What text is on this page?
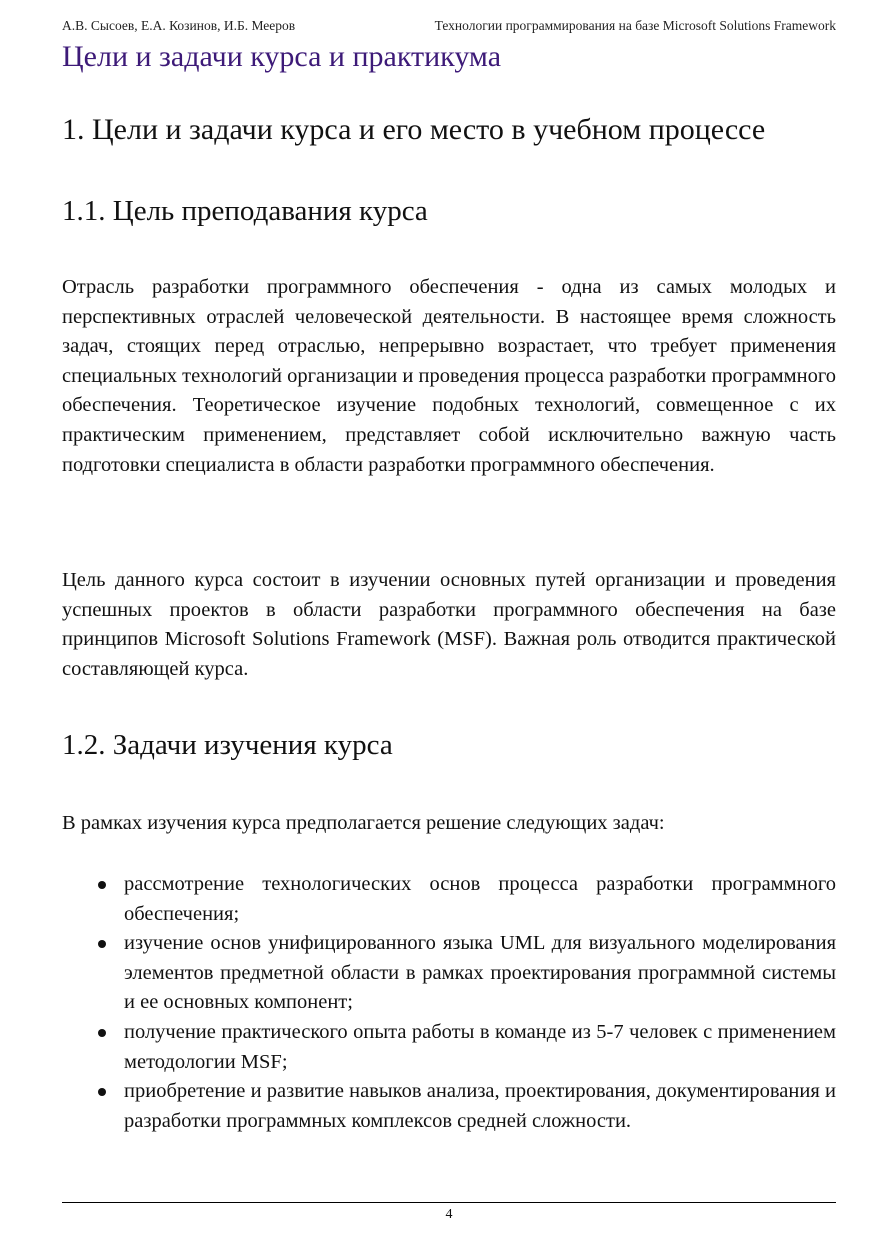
А.В. Сысоев, Е.А. Козинов, И.Б. Мееров	Технологии программирования на базе Microsoft Solutions Framework
Цели и задачи курса и практикума
1. Цели и задачи курса и его место в учебном процессе
1.1. Цель преподавания курса

Отрасль разработки программного обеспечения - одна из самых молодых и перспективных отраслей человеческой деятельности. В настоящее время сложность задач, стоящих перед отраслью, непрерывно возрастает, что требует применения специальных технологий организации и проведения процесса разработки программного обеспечения. Теоретическое изучение подобных технологий, совмещенное с их практическим применением, представляет собой исключительно важную часть подготовки специалиста в области разработки программного обеспечения.

Цель данного курса состоит в изучении основных путей организации и проведения успешных проектов в области разработки программного обеспечения на базе принципов Microsoft Solutions Framework (MSF). Важная роль отводится практической составляющей курса.

1.2. Задачи изучения курса

В рамках изучения курса предполагается решение следующих задач:

рассмотрение технологических основ процесса разработки программного обеспечения;
изучение основ унифицированного языка UML для визуального моделирования элементов предметной области в рамках проектирования программной системы и ее основных компонент;
получение практического опыта работы в команде из 5-7 человек с применением методологии MSF;
приобретение и развитие навыков анализа, проектирования, документирования и разработки программных комплексов средней сложности.
4
